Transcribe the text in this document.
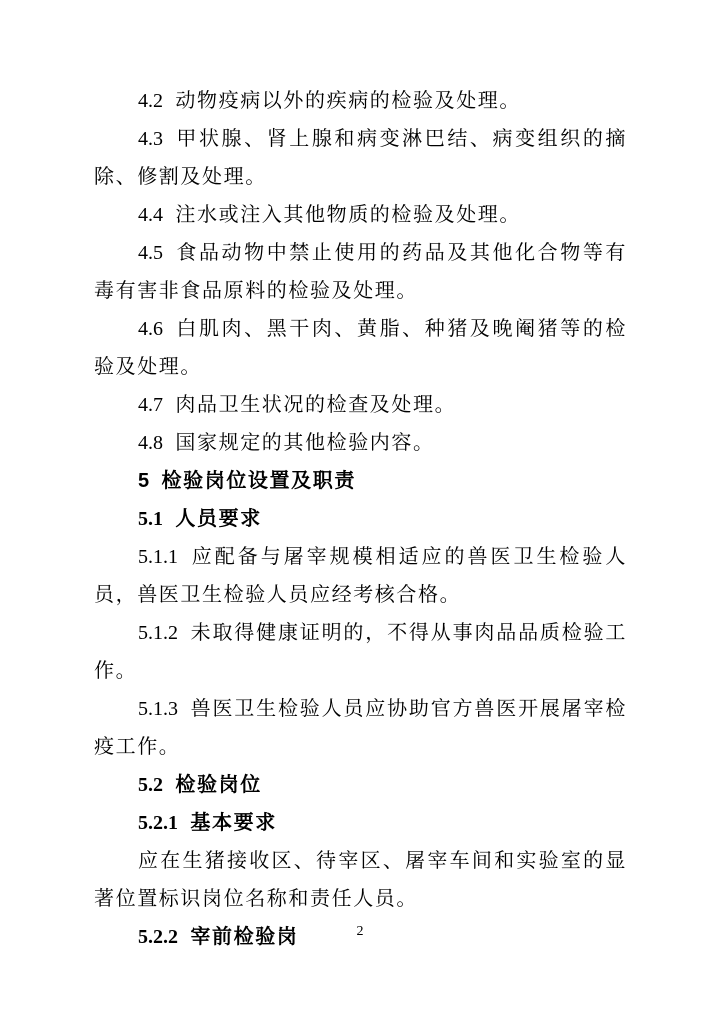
4.2 动物疫病以外的疾病的检验及处理。

4.3 甲状腺、肾上腺和病变淋巴结、病变组织的摘除、修割及处理。

4.4 注水或注入其他物质的检验及处理。

4.5 食品动物中禁止使用的药品及其他化合物等有毒有害非食品原料的检验及处理。

4.6 白肌肉、黑干肉、黄脂、种猪及晚阉猪等的检验及处理。

4.7 肉品卫生状况的检查及处理。

4.8 国家规定的其他检验内容。

5 检验岗位设置及职责

5.1 人员要求

5.1.1 应配备与屠宰规模相适应的兽医卫生检验人员，兽医卫生检验人员应经考核合格。

5.1.2 未取得健康证明的，不得从事肉品品质检验工作。

5.1.3 兽医卫生检验人员应协助官方兽医开展屠宰检疫工作。

5.2 检验岗位

5.2.1 基本要求

应在生猪接收区、待宰区、屠宰车间和实验室的显著位置标识岗位名称和责任人员。

5.2.2 宰前检验岗	2
